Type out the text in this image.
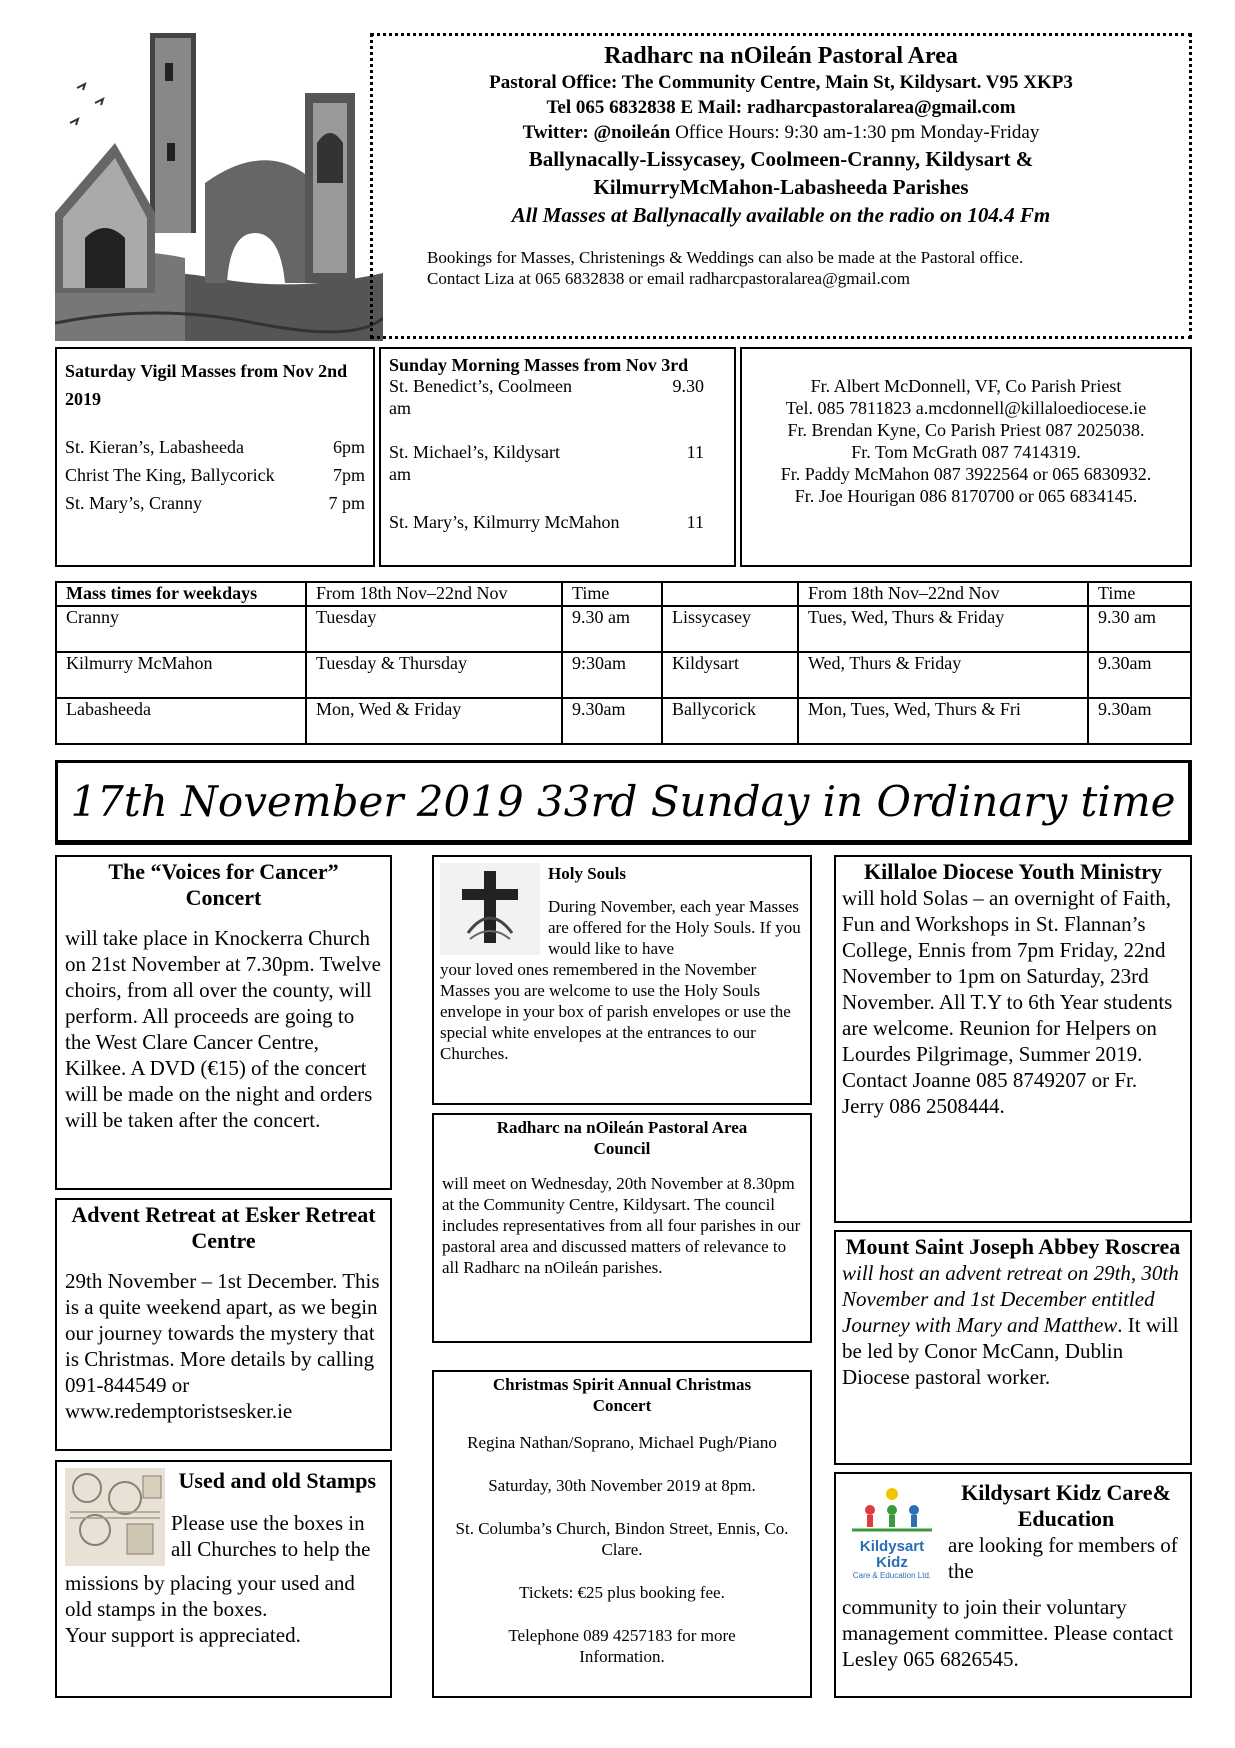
Radharc na nOileán Pastoral Area

Pastoral Office: The Community Centre, Main St, Kildysart. V95 XKP3

Tel 065 6832838 E Mail: radharcpastoralarea@gmail.com

Twitter: @noileán Office Hours: 9:30 am-1:30 pm Monday-Friday

Ballynacally-Lissycasey, Coolmeen-Cranny, Kildysart &

KilmurryMcMahon-Labasheeda Parishes

All Masses at Ballynacally available on the radio on 104.4 Fm

Bookings for Masses, Christenings & Weddings can also be made at the Pastoral office.

Contact Liza at 065 6832838 or email radharcpastoralarea@gmail.com

Saturday Vigil Masses from Nov 2nd 2019

St. Kieran’s, Labasheeda	6pm
Christ The King, Ballycorick	7pm
St. Mary’s, Cranny	7 pm

Sunday Morning Masses from Nov 3rd

St. Benedict’s, Coolmeen	9.30
am
St. Michael’s, Kildysart	11
am
St. Mary’s, Kilmurry McMahon	11

Fr. Albert McDonnell, VF, Co Parish Priest

Tel. 085 7811823 a.mcdonnell@killaloediocese.ie

Fr. Brendan Kyne, Co Parish Priest 087 2025038.

Fr. Tom McGrath 087 7414319.

Fr. Paddy McMahon 087 3922564 or 065 6830932.

Fr. Joe Hourigan 086 8170700 or 065 6834145.

Mass times for weekdays	From 18th Nov–22nd Nov	Time		From 18th Nov–22nd Nov	Time
Cranny	Tuesday	9.30 am	Lissycasey	Tues, Wed, Thurs & Friday	9.30 am
Kilmurry McMahon	Tuesday & Thursday	9:30am	Kildysart	Wed, Thurs & Friday	9.30am
Labasheeda	Mon, Wed & Friday	9.30am	Ballycorick	Mon, Tues, Wed, Thurs & Fri	9.30am
17th November 2019 33rd Sunday in Ordinary time

The “Voices for Cancer” Concert

will take place in Knockerra Church on 21st November at 7.30pm. Twelve choirs, from all over the county, will perform. All proceeds are going to the West Clare Cancer Centre, Kilkee. A DVD (€15) of the concert will be made on the night and orders will be taken after the concert.

Advent Retreat at Esker Retreat Centre

29th November – 1st December. This is a quite weekend apart, as we begin our journey towards the mystery that is Christmas. More details by calling 091-844549 or www.redemptoristsesker.ie

Used and old Stamps

Please use the boxes in all Churches to help the

missions by placing your used and old stamps in the boxes.

Your support is appreciated.

Holy Souls

During November, each year Masses are offered for the Holy Souls. If you would like to have

your loved ones remembered in the November Masses you are welcome to use the Holy Souls envelope in your box of parish envelopes or use the special white envelopes at the entrances to our Churches.

Radharc na nOileán Pastoral Area Council

will meet on Wednesday, 20th November at 8.30pm at the Community Centre, Kildysart. The council includes representatives from all four parishes in our pastoral area and discussed matters of relevance to all Radharc na nOileán parishes.

Christmas Spirit Annual Christmas Concert

Regina Nathan/Soprano, Michael Pugh/Piano

Saturday, 30th November 2019 at 8pm.

St. Columba’s Church, Bindon Street, Ennis, Co. Clare.

Tickets: €25 plus booking fee.

Telephone 089 4257183 for more Information.

Killaloe Diocese Youth Ministry

will hold Solas – an overnight of Faith, Fun and Workshops in St. Flannan’s College, Ennis from 7pm Friday, 22nd November to 1pm on Saturday, 23rd November. All T.Y to 6th Year students are welcome. Reunion for Helpers on Lourdes Pilgrimage, Summer 2019. Contact Joanne 085 8749207 or Fr. Jerry 086 2508444.

Mount Saint Joseph Abbey Roscrea

will host an advent retreat on 29th, 30th November and 1st December entitled Journey with Mary and Matthew. It will be led by Conor McCann, Dublin Diocese pastoral worker.

Kildysart Kidz
Care & Education Ltd.

Kildysart Kidz Care& Education

are looking for members of the

community to join their voluntary management committee. Please contact Lesley 065 6826545.
